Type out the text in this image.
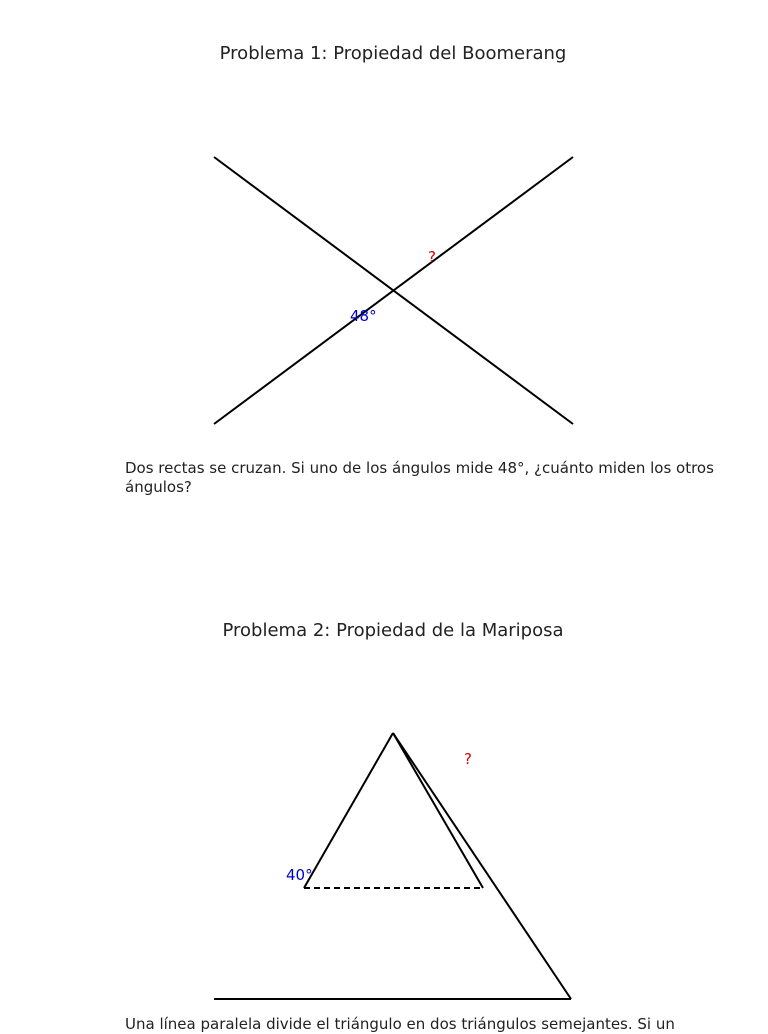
Problema 1: Propiedad del Boomerang
48°
?
40°
?

Dos rectas se cruzan. Si uno de los ángulos mide 48°, ¿cuánto miden los otros ángulos?

Problema 2: Propiedad de la Mariposa

Una línea paralela divide el triángulo en dos triángulos semejantes. Si un
